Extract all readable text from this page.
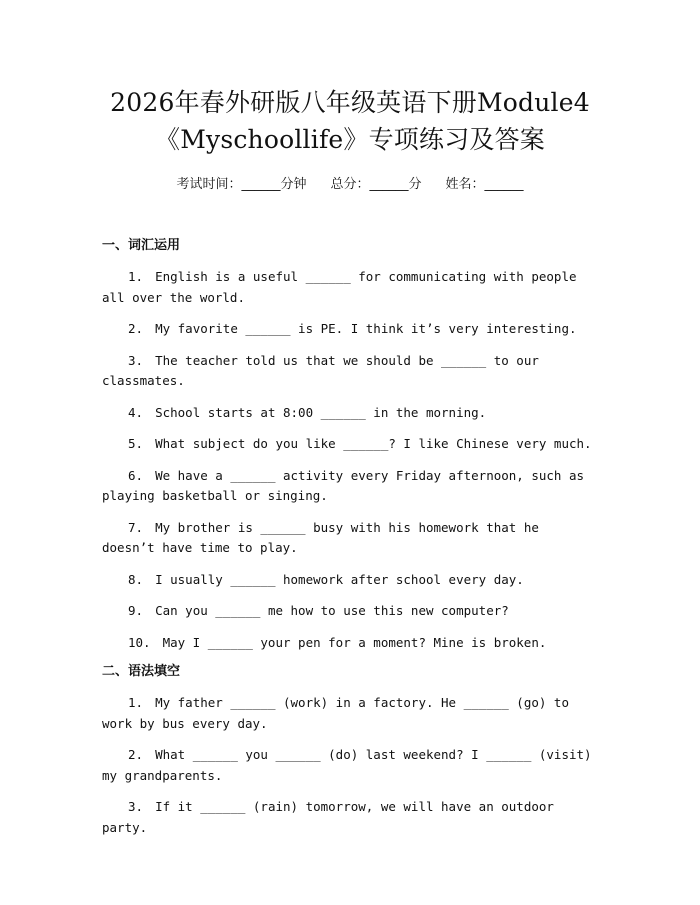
2026年春外研版八年级英语下册Module4
《Myschoollife》专项练习及答案
考试时间：______分钟 总分：______分 姓名：______
一、词汇运用
1. English is a useful ______ for communicating with people all over the world.
2. My favorite ______ is PE. I think it’s very interesting.
3. The teacher told us that we should be ______ to our classmates.
4. School starts at 8:00 ______ in the morning.
5. What subject do you like ______? I like Chinese very much.
6. We have a ______ activity every Friday afternoon, such as playing basketball or singing.
7. My brother is ______ busy with his homework that he doesn’t have time to play.
8. I usually ______ homework after school every day.
9. Can you ______ me how to use this new computer?
10. May I ______ your pen for a moment? Mine is broken.
二、语法填空
1. My father ______ (work) in a factory. He ______ (go) to work by bus every day.
2. What ______ you ______ (do) last weekend? I ______ (visit) my grandparents.
3. If it ______ (rain) tomorrow, we will have an outdoor party.
